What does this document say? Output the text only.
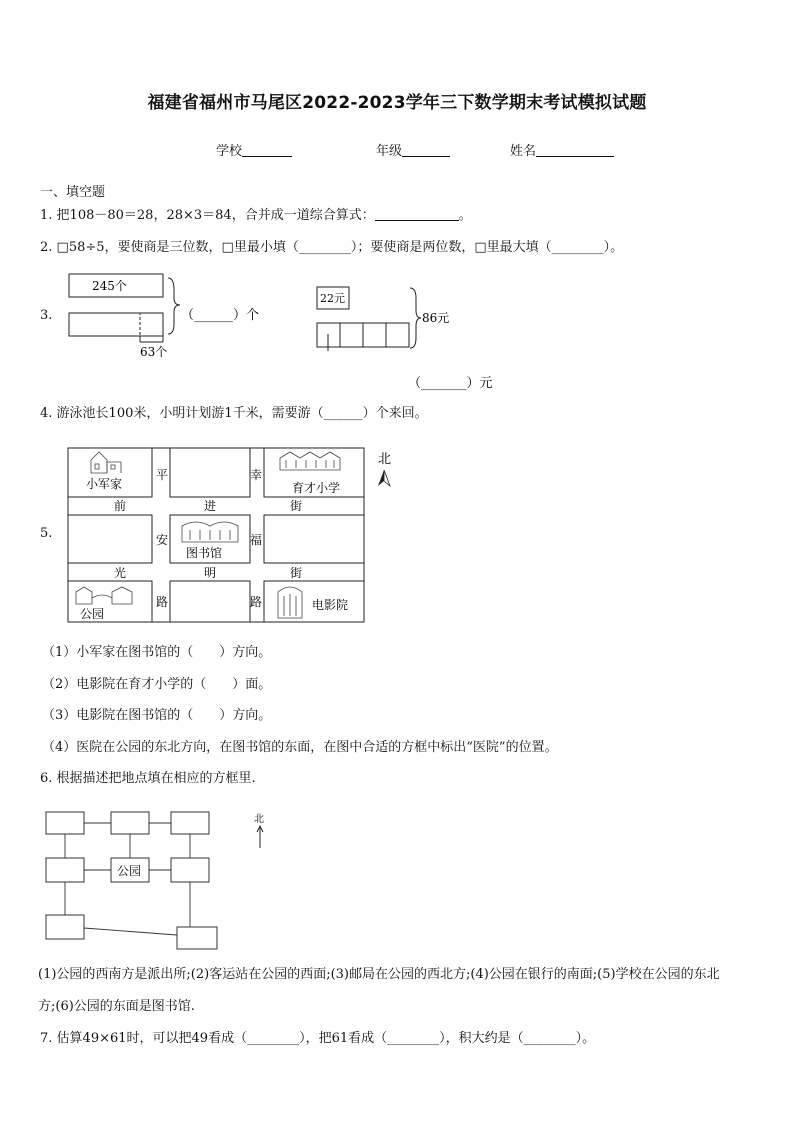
福建省福州市马尾区2022-2023学年三下数学期末考试模拟试题
学校	年级	姓名
一、填空题
1. 把108－80＝28，28×3＝84，合并成一道综合算式：	。
2. □58÷5，要使商是三位数，□里最小填（________）；要使商是两位数，□里最大填（________）。
3.
245个
63个
（______）个
22元
86元
（_______）元
4. 游泳池长100米，小明计划游1千米，需要游（______）个来回。
5.
小军家	育才小学
图书馆
公园
电影院
平	幸
前	进	街
安	福
光	明	街
路	路
北
（1）小军家在图书馆的（　　）方向。
（2）电影院在育才小学的（　　）面。
（3）电影院在图书馆的（　　）方向。
（4）医院在公园的东北方向，在图书馆的东面，在图中合适的方框中标出“医院”的位置。
6. 根据描述把地点填在相应的方框里.
公园
北
(1)公园的西南方是派出所;(2)客运站在公园的西面;(3)邮局在公园的西北方;(4)公园在银行的南面;(5)学校在公园的东北
方;(6)公园的东面是图书馆.
7. 估算49×61时，可以把49看成（________），把61看成（________），积大约是（________）。
